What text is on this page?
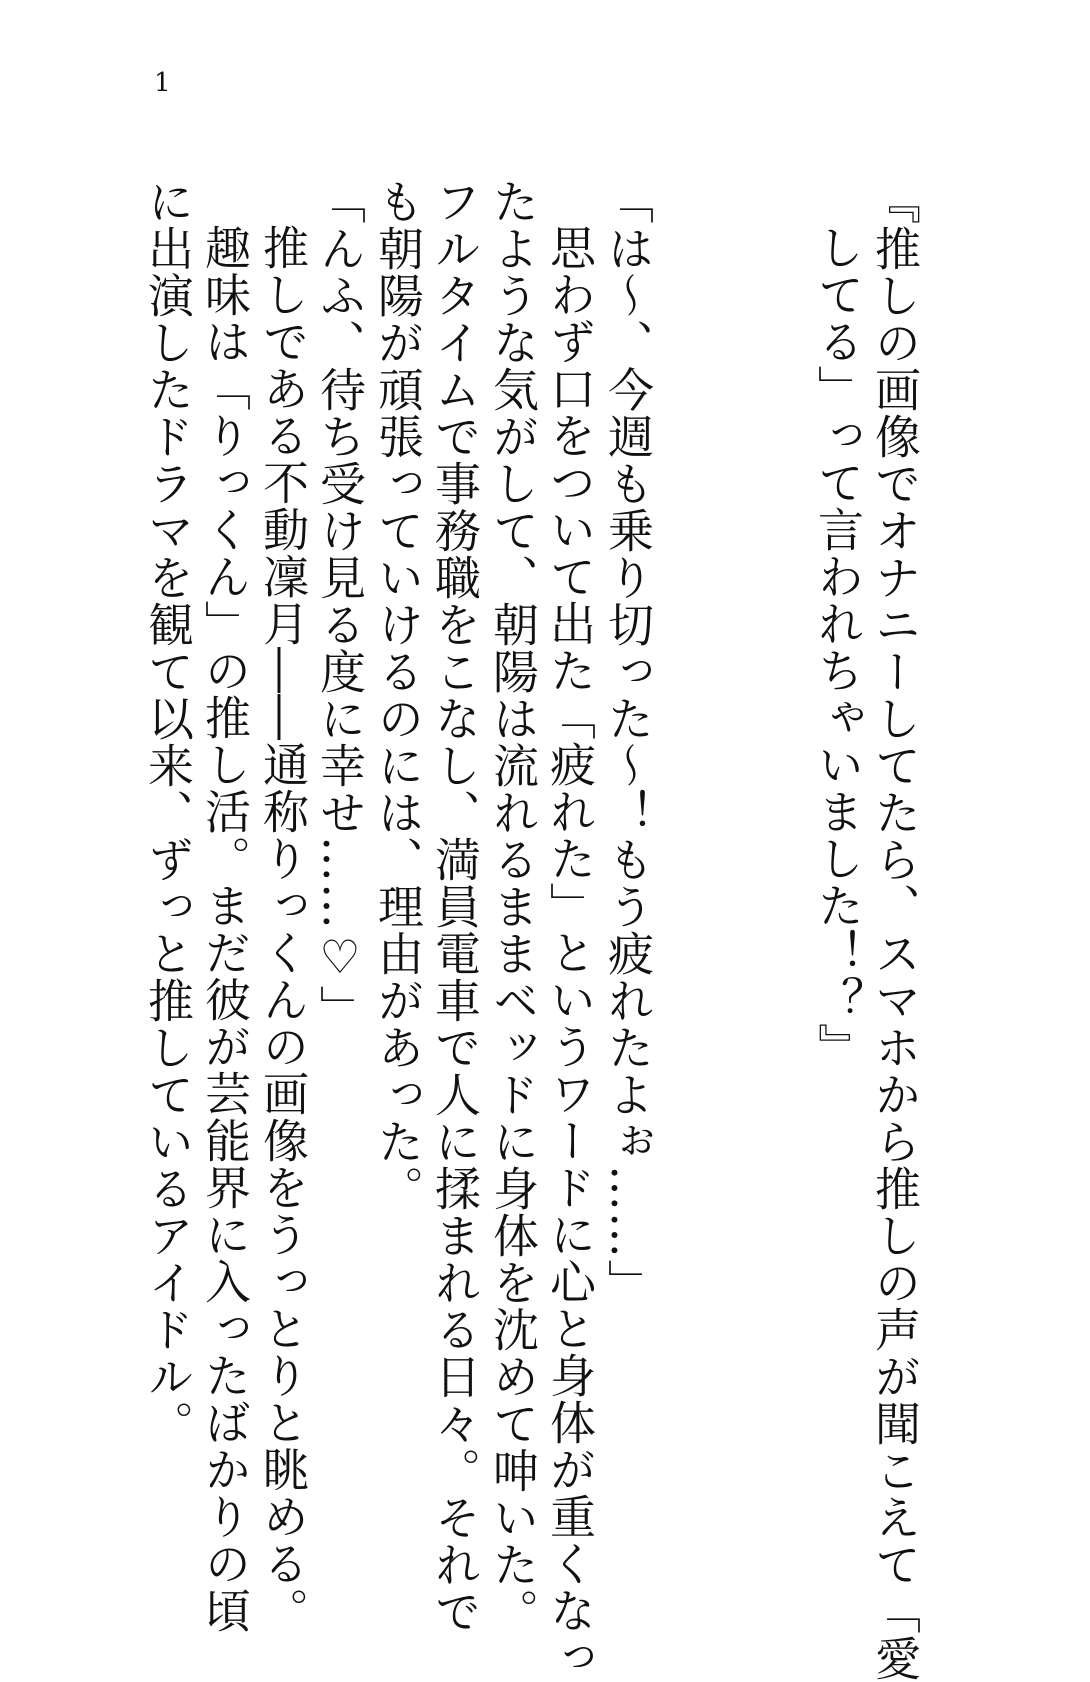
1
『推しの画像でオナニーしてたら、スマホから推しの声が聞こえて「愛
してる」って言われちゃいました！？』
「は〜、今週も乗り切った〜！もう疲れたよぉ……」
思わず口をついて出た「疲れた」というワードに心と身体が重くなっ
たような気がして、朝陽は流れるままベッドに身体を沈めて呻いた。
フルタイムで事務職をこなし、満員電車で人に揉まれる日々。それで
も朝陽が頑張っていけるのには、理由があった。
「んふ、待ち受け見る度に幸せ……♡」
推しである不動凜月――通称りっくんの画像をうっとりと眺める。
趣味は「りっくん」の推し活。まだ彼が芸能界に入ったばかりの頃
に出演したドラマを観て以来、ずっと推しているアイドル。
